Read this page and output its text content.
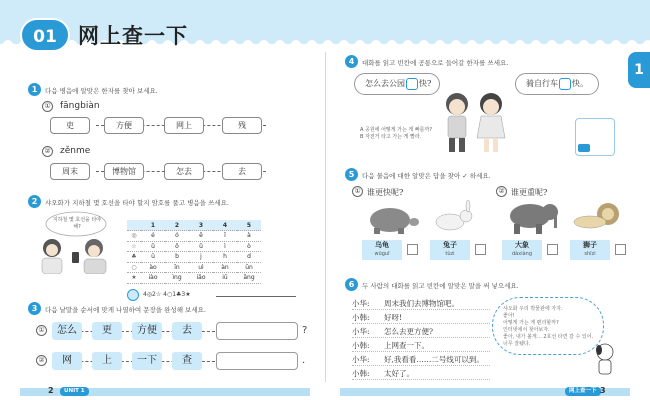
01	网上查一下
1
1	다음 병음에 알맞은 한자를 찾아 보세요.
① fāngbiàn
吏	方便	网上	残
② zěnme
周末	博物馆	怎去	去
2	샤오화가 지하철 몇 호선을 타야 할지 암호를 풀고 병음을 쓰세요.
지하철 몇 호선을 타야 해?
		1	2	3	4	5
◎	é	ó	ě	ǐ	à
☆	ǔ	ǒ	ǔ	ì	ò
♣	ū	b	j	h	d
○	ào	īn	uì	àn	ūn
★	iào	ìng	iǎo	iǔ	āng
4◎2☆ 4○1♣3★
3	다음 낱말을 순서에 맞게 나열하여 문장을 완성해 보세요.
①	怎么	更	方便	去	?
②	网	上	一下	查	.
2	UNIT 1
4	대화를 읽고 빈칸에 공통으로 들어갈 한자를 쓰세요.
怎么去公园 快?	骑自行车 快。
A 공원에 어떻게 가는 게 빠를까?
B 자전거 타고 가는 게 빨라.
5	다음 물음에 대한 알맞은 답을 찾아 ✓ 하세요.
① 谁更快呢?	② 谁更重呢?
乌龟
wūguī
兔子
tùzi
大象
dàxiàng
狮子
shīzi
6	두 사람의 대화를 읽고 빈칸에 알맞은 말을 써 넣으세요.
小华: 周末我们去博物馆吧。
小韩: 好呀!
小华: 怎么去更方便?
小韩: 上网查一下。
小华: 好,我看看……二号线可以到。
小韩: 太好了。
샤오화 우리 박물관에 가자.
좋아!
어떻게 가는 게 편리할까?
인터넷에서 찾아보자.
좋아, 내가 볼게… 2호선 타면 갈 수 있어.
너무 잘됐다.
网上查一下 3
